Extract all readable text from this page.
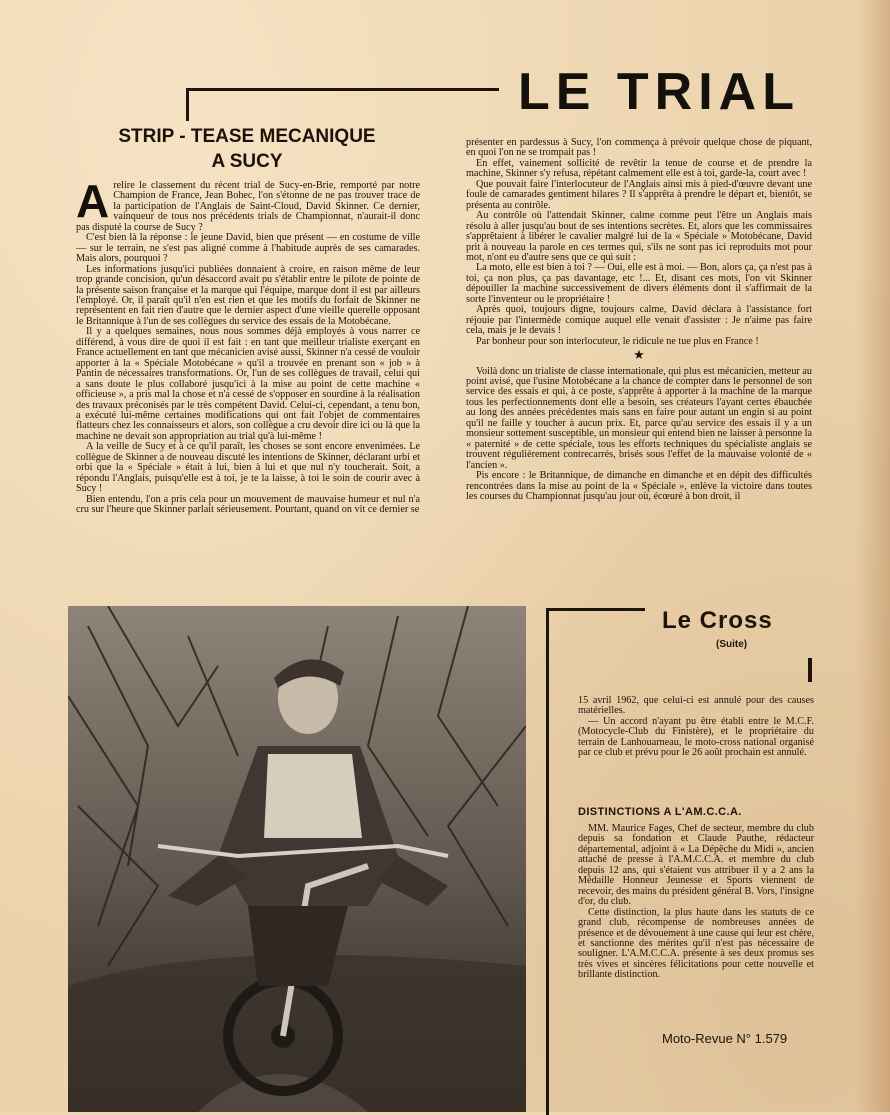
LE TRIAL
STRIP - TEASE MECANIQUE
A SUCY
A relire le classement du récent trial de Sucy-en-Brie, remporté par notre Champion de France, Jean Bohec, l'on s'étonne de ne pas trouver trace de la participation de l'Anglais de Saint-Cloud, David Skinner. Ce dernier, vainqueur de tous nos précédents trials de Championnat, n'aurait-il donc pas disputé la course de Sucy ?

C'est bien là la réponse : le jeune David, bien que présent — en costume de ville — sur le terrain, ne s'est pas aligné comme à l'habitude auprès de ses camarades. Mais alors, pourquoi ?

Les informations jusqu'ici publiées donnaient à croire, en raison même de leur trop grande concision, qu'un désaccord avait pu s'établir entre le pilote de pointe de la présente saison française et la marque qui l'équipe, marque dont il est par ailleurs l'employé. Or, il paraît qu'il n'en est rien et que les motifs du forfait de Skinner ne représentent en fait rien d'autre que le dernier aspect d'une vieille querelle opposant le Britannique à l'un de ses collègues du service des essais de la Motobécane.

Il y a quelques semaines, nous nous sommes déjà employés à vous narrer ce différend, à vous dire de quoi il est fait : en tant que meilleur trialiste exerçant en France actuellement en tant que mécanicien avisé aussi, Skinner n'a cessé de vouloir apporter à la « Spéciale Motobécane » qu'il a trouvée en prenant son « job » à Pantin de nécessaires transformations. Or, l'un de ses collègues de travail, celui qui a sans doute le plus collaboré jusqu'ici à la mise au point de cette machine « officieuse », a pris mal la chose et n'a cessé de s'opposer en sourdine à la réalisation des travaux préconisés par le très compétent David. Celui-ci, cependant, a tenu bon, a exécuté lui-même certaines modifications qui ont fait l'objet de commentaires flatteurs chez les connaisseurs et alors, son collègue a cru devoir dire ici ou là que la machine ne devait son appropriation au trial qu'à lui-même !

A la veille de Sucy et à ce qu'il paraît, les choses se sont encore envenimées. Le collègue de Skinner a de nouveau discuté les intentions de Skinner, déclarant urbi et orbi que la « Spéciale » était à lui, bien à lui et que nul n'y toucherait. Soit, a répondu l'Anglais, puisqu'elle est à toi, je te la laisse, à toi le soin de courir avec à Sucy !

Bien entendu, l'on a pris cela pour un mouvement de mauvaise humeur et nul n'a cru sur l'heure que Skinner parlait sérieusement. Pourtant, quand on vit ce dernier se

présenter en pardessus à Sucy, l'on commença à prévoir quelque chose de piquant, en quoi l'on ne se trompait pas !

En effet, vainement sollicité de revêtir la tenue de course et de prendre la machine, Skinner s'y refusa, répétant calmement elle est à toi, garde-la, court avec !

Que pouvait faire l'interlocuteur de l'Anglais ainsi mis à pied-d'œuvre devant une foule de camarades gentiment hilares ? Il s'apprêta à prendre le départ et, bientôt, se présenta au contrôle.

Au contrôle où l'attendait Skinner, calme comme peut l'être un Anglais mais résolu à aller jusqu'au bout de ses intentions secrètes. Et, alors que les commissaires s'apprêtaient à libérer le cavalier malgré lui de la « Spéciale » Motobécane, David prit à nouveau la parole en ces termes qui, s'ils ne sont pas ici reproduits mot pour mot, n'ont eu d'autre sens que ce qui suit :

La moto, elle est bien à toi ? — Oui, elle est à moi. — Bon, alors ça, ça n'est pas à toi, ça non plus, ça pas davantage, etc !... Et, disant ces mots, l'on vit Skinner dépouiller la machine successivement de divers éléments dont il s'affirmait de la sorte l'inventeur ou le propriétaire !

Après quoi, toujours digne, toujours calme, David déclara à l'assistance fort réjouie par l'intermède comique auquel elle venait d'assister : Je n'aime pas faire cela, mais je le devais !

Par bonheur pour son interlocuteur, le ridicule ne tue plus en France !

★

Voilà donc un trialiste de classe internationale, qui plus est mécanicien, metteur au point avisé, que l'usine Motobécane a la chance de compter dans le personnel de son service des essais et qui, à ce poste, s'apprête à apporter à la machine de la marque tous les perfectionnements dont elle a besoin, ses créateurs l'ayant certes ébauchée au long des années précédentes mais sans en faire pour autant un engin si au point qu'il ne faille y toucher à aucun prix. Et, parce qu'au service des essais il y a un monsieur sottement susceptible, un monsieur qui entend bien ne laisser à personne la « paternité » de cette spéciale, tous les efforts techniques du spécialiste anglais se trouvent régulièrement contrecarrés, brisés sous l'effet de la mauvaise volonté de « l'ancien ».

Pis encore : le Britannique, de dimanche en dimanche et en dépit des difficultés rencontrées dans la mise au point de la « Spéciale », enlève la victoire dans toutes les courses du Championnat jusqu'au jour où, écœuré à bon droit, il

Le Cross
(Suite)

15 avril 1962, que celui-ci est annulé pour des causes matérielles.

— Un accord n'ayant pu être établi entre le M.C.F. (Motocycle-Club du Finistère), et le propriétaire du terrain de Lanhouarneau, le moto-cross national organisé par ce club et prévu pour le 26 août prochain est annulé.

DISTINCTIONS A L'AM.C.C.A.

MM. Maurice Fages, Chef de secteur, membre du club depuis sa fondation et Claude Pauthe, rédacteur départemental, adjoint à « La Dépêche du Midi », ancien attaché de presse à l'A.M.C.C.A. et membre du club depuis 12 ans, qui s'étaient vus attribuer il y a 2 ans la Médaille Honneur Jeunesse et Sports viennent de recevoir, des mains du président général B. Vors, l'insigne d'or, du club.

Cette distinction, la plus haute dans les statuts de ce grand club, récompense de nombreuses années de présence et de dévouement à une cause qui leur est chère, et sanctionne des mérites qu'il n'est pas nécessaire de souligner. L'A.M.C.C.A. présente à ses deux promus ses très vives et sincères félicitations pour cette nouvelle et brillante distinction.

Moto-Revue N° 1.579
